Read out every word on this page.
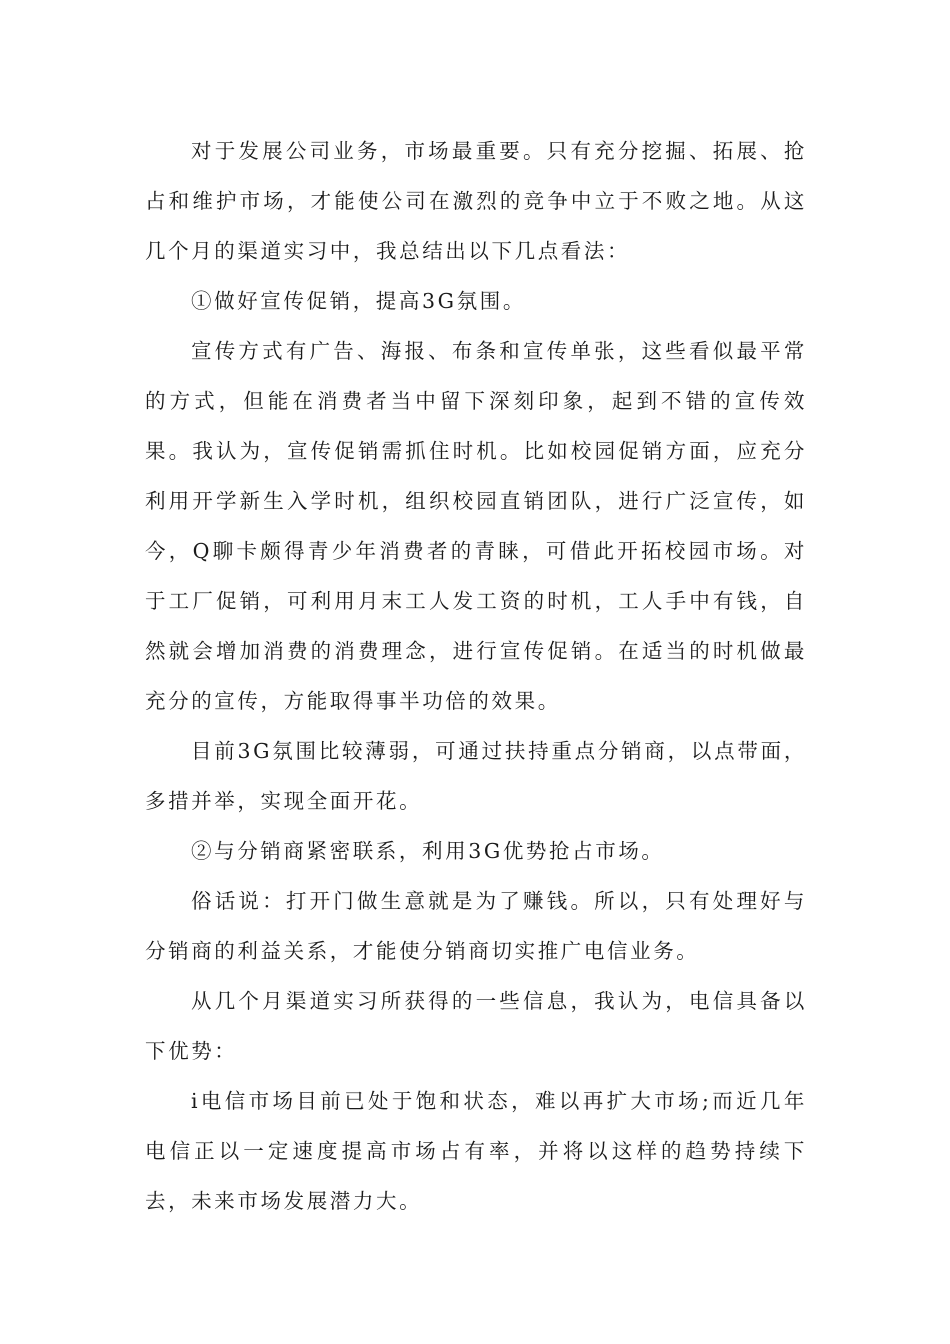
对于发展公司业务，市场最重要。只有充分挖掘、拓展、抢占和维护市场，才能使公司在激烈的竞争中立于不败之地。从这几个月的渠道实习中，我总结出以下几点看法：

①做好宣传促销，提高3G氛围。

宣传方式有广告、海报、布条和宣传单张，这些看似最平常的方式，但能在消费者当中留下深刻印象，起到不错的宣传效果。我认为，宣传促销需抓住时机。比如校园促销方面，应充分利用开学新生入学时机，组织校园直销团队，进行广泛宣传，如今，Q聊卡颇得青少年消费者的青睐，可借此开拓校园市场。对于工厂促销，可利用月末工人发工资的时机，工人手中有钱，自然就会增加消费的消费理念，进行宣传促销。在适当的时机做最充分的宣传，方能取得事半功倍的效果。

目前3G氛围比较薄弱，可通过扶持重点分销商，以点带面，多措并举，实现全面开花。

②与分销商紧密联系，利用3G优势抢占市场。

俗话说：打开门做生意就是为了赚钱。所以，只有处理好与分销商的利益关系，才能使分销商切实推广电信业务。

从几个月渠道实习所获得的一些信息，我认为，电信具备以下优势：

ⅰ电信市场目前已处于饱和状态，难以再扩大市场;而近几年电信正以一定速度提高市场占有率，并将以这样的趋势持续下去，未来市场发展潜力大。
